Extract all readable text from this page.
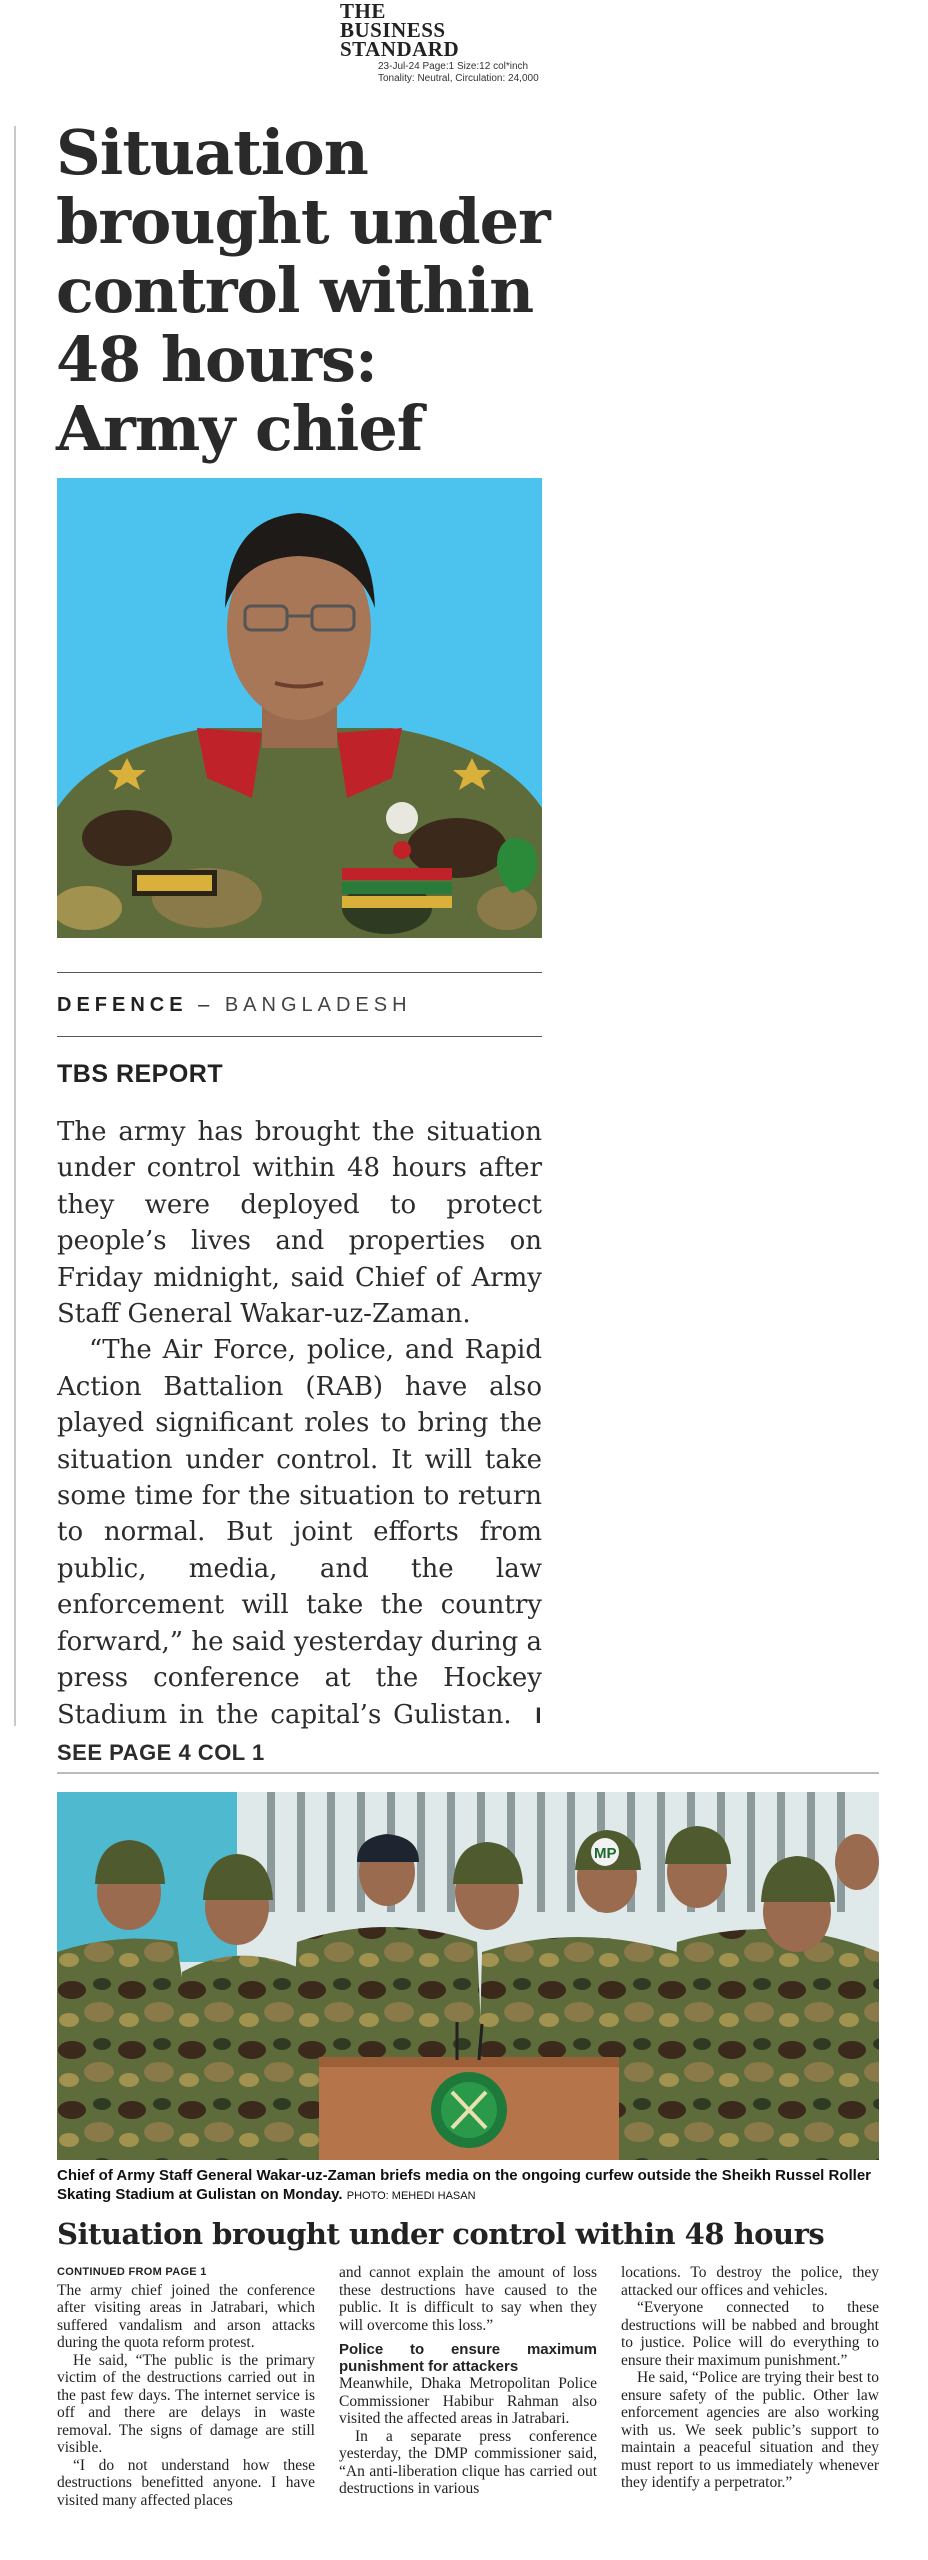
THE
BUSINESS
STANDARD
23-Jul-24 Page:1 Size:12 col*inch
Tonality: Neutral, Circulation: 24,000
Situation brought under control within 48 hours: Army chief
DEFENCE – BANGLADESH
TBS REPORT

The army has brought the situation under control within 48 hours after they were deployed to protect people’s lives and properties on Friday midnight, said Chief of Army Staff General Wakar-uz-Zaman.

“The Air Force, police, and Rapid Action Battalion (RAB) have also played significant roles to bring the situation under control. It will take some time for the situation to return to normal. But joint efforts from public, media, and the law enforcement will take the country forward,” he said yesterday during a press conference at the Hockey Stadium in the capital’s Gulistan. I SEE PAGE 4 COL 1

MP
Chief of Army Staff General Wakar-uz-Zaman briefs media on the ongoing curfew outside the Sheikh Russel Roller Skating Stadium at Gulistan on Monday. PHOTO: MEHEDI HASAN
Situation brought under control within 48 hours

CONTINUED FROM PAGE 1

The army chief joined the conference after visiting areas in Jatrabari, which suffered vandalism and arson attacks during the quota reform protest.

He said, “The public is the primary victim of the destructions carried out in the past few days. The internet service is off and there are delays in waste removal. The signs of damage are still visible.

“I do not understand how these destructions benefitted anyone. I have visited many affected places

and cannot explain the amount of loss these destructions have caused to the public. It is difficult to say when they will overcome this loss.”

Police to ensure maximum punishment for attackers

Meanwhile, Dhaka Metropolitan Police Commissioner Habibur Rahman also visited the affected areas in Jatrabari.

In a separate press conference yesterday, the DMP commissioner said, “An anti-liberation clique has carried out destructions in various

locations. To destroy the police, they attacked our offices and vehicles.

“Everyone connected to these destructions will be nabbed and brought to justice. Police will do everything to ensure their maximum punishment.”

He said, “Police are trying their best to ensure safety of the public. Other law enforcement agencies are also working with us. We seek public’s support to maintain a peaceful situation and they must report to us immediately whenever they identify a perpetrator.”
